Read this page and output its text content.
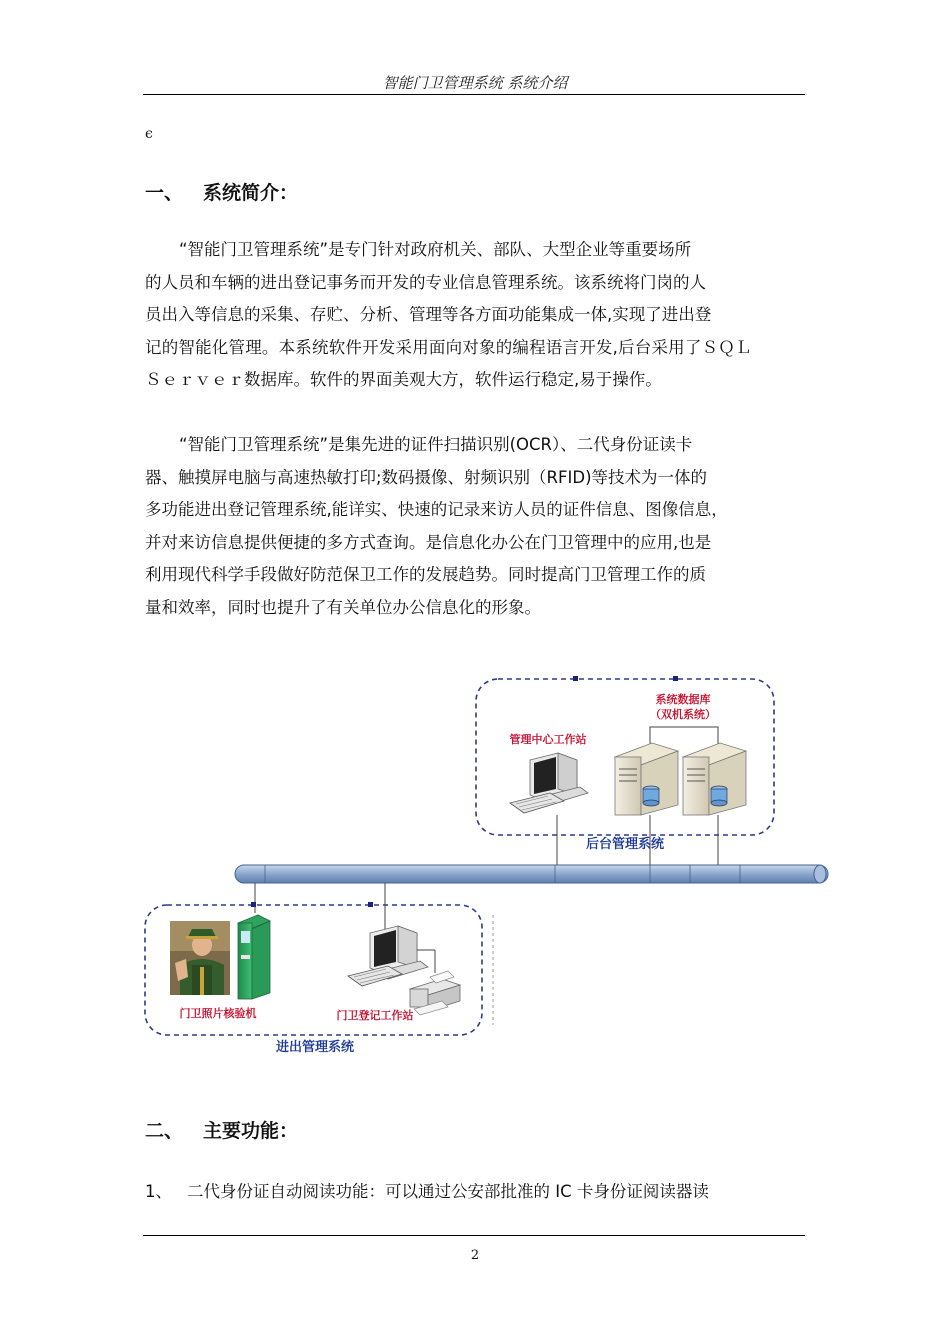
智能门卫管理系统 系统介绍
ϵ
一、 系统简介：
“智能门卫管理系统”是专门针对政府机关、部队、大型企业等重要场所
的人员和车辆的进出登记事务而开发的专业信息管理系统。该系统将门岗的人
员出入等信息的采集、存贮、分析、管理等各方面功能集成一体,实现了进出登
记的智能化管理。本系统软件开发采用面向对象的编程语言开发,后台采用了ＳＱＬ
Ｓｅｒｖｅｒ数据库。软件的界面美观大方，软件运行稳定,易于操作。
“智能门卫管理系统”是集先进的证件扫描识别(OCR）、二代身份证读卡
器、触摸屏电脑与高速热敏打印;数码摄像、射频识别（RFID)等技术为一体的
多功能进出登记管理系统,能详实、快速的记录来访人员的证件信息、图像信息，
并对来访信息提供便捷的多方式查询。是信息化办公在门卫管理中的应用,也是
利用现代科学手段做好防范保卫工作的发展趋势。同时提高门卫管理工作的质
量和效率，同时也提升了有关单位办公信息化的形象。
系统数据库
（双机系统）
管理中心工作站
后台管理系统
门卫照片核验机	门卫登记工作站
进出管理系统
二、 主要功能：
1、 二代身份证自动阅读功能：可以通过公安部批准的 IC 卡身份证阅读器读
2
